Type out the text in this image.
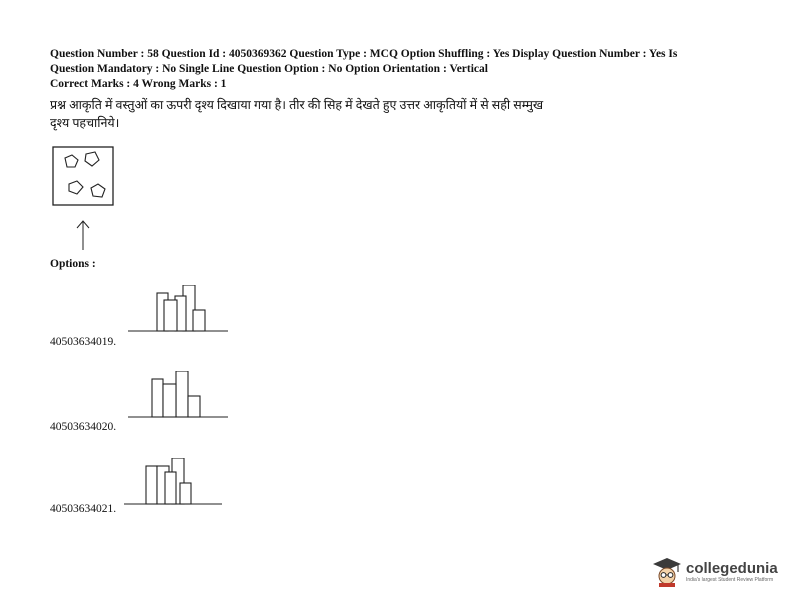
Question Number : 58 Question Id : 4050369362 Question Type : MCQ Option Shuffling : Yes Display Question Number : Yes Is

Question Mandatory : No Single Line Question Option : No Option Orientation : Vertical

Correct Marks : 4 Wrong Marks : 1

प्रश्न आकृति में वस्तुओं का ऊपरी दृश्य दिखाया गया है। तीर की सिह में देखते हुए उत्तर आकृतियों में से सही सम्मुख

दृश्य पहचानिये।

Options :
40503634019.
40503634020.
40503634021.
collegedunia
India's largest Student Review Platform
